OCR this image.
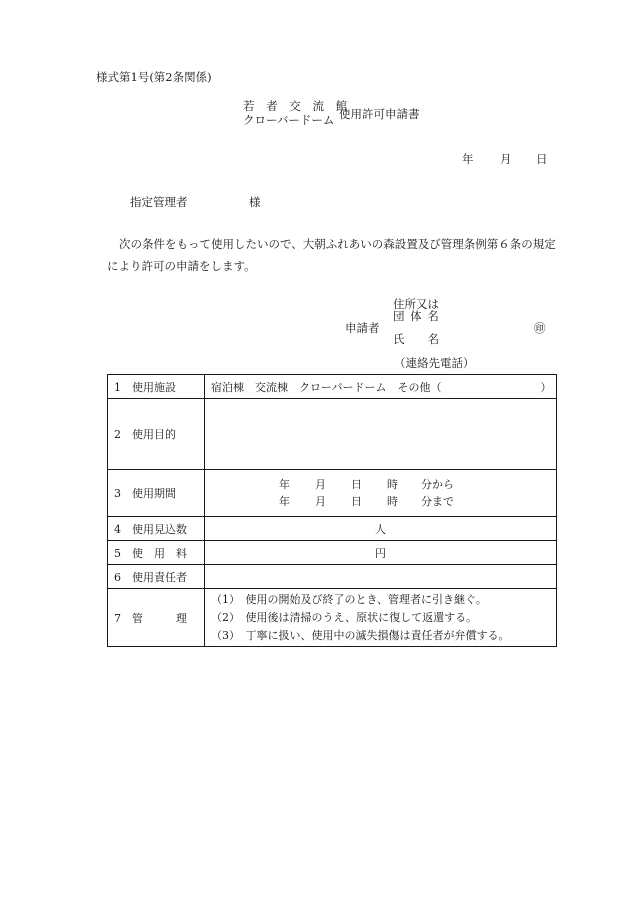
様式第1号(第2条関係)
若 者 交 流 館
クローバードーム 使用許可申請書
年 月 日
指定管理者	様
次の条件をもって使用したいので、大朝ふれあいの森設置及び管理条例第６条の規定
により許可の申請をします。
住所又は
団 体 名
申請者
氏　　名
㊞
（連絡先電話）
1　使用施設	宿泊棟　交流棟　クローバードーム　その他（　　　　　　　　　）
2　使用目的	
3　使用期間	年 月 日 時 分から
年 月 日 時 分まで

4　使用見込数	人
5　使　用　料	円
6　使用責任者	
7　管　　　理	（1）　使用の開始及び終了のとき、管理者に引き継ぐ。
（2）　使用後は清掃のうえ、原状に復して返還する。
（3）　丁寧に扱い、使用中の滅失損傷は責任者が弁償する。
